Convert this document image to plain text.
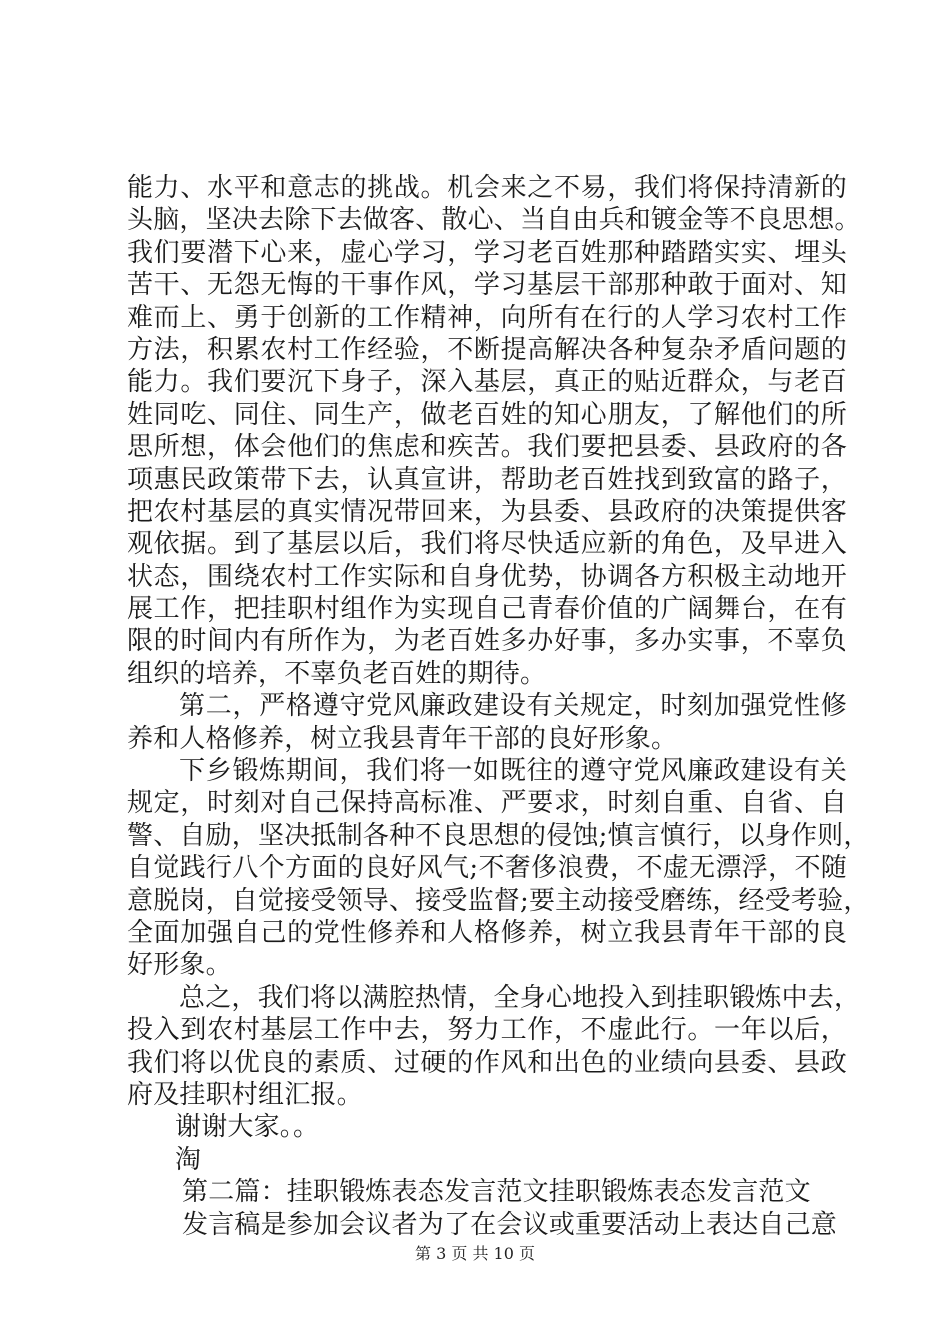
能力、水平和意志的挑战。机会来之不易，我们将保持清新的
头脑，坚决去除下去做客、散心、当自由兵和镀金等不良思想。
我们要潜下心来，虚心学习，学习老百姓那种踏踏实实、埋头
苦干、无怨无悔的干事作风，学习基层干部那种敢于面对、知
难而上、勇于创新的工作精神，向所有在行的人学习农村工作
方法，积累农村工作经验，不断提高解决各种复杂矛盾问题的
能力。我们要沉下身子，深入基层，真正的贴近群众，与老百
姓同吃、同住、同生产，做老百姓的知心朋友，了解他们的所
思所想，体会他们的焦虑和疾苦。我们要把县委、县政府的各
项惠民政策带下去，认真宣讲，帮助老百姓找到致富的路子，
把农村基层的真实情况带回来，为县委、县政府的决策提供客
观依据。到了基层以后，我们将尽快适应新的角色，及早进入
状态，围绕农村工作实际和自身优势，协调各方积极主动地开
展工作，把挂职村组作为实现自己青春价值的广阔舞台，在有
限的时间内有所作为，为老百姓多办好事，多办实事，不辜负
组织的培养，不辜负老百姓的期待。
第二，严格遵守党风廉政建设有关规定，时刻加强党性修
养和人格修养，树立我县青年干部的良好形象。
下乡锻炼期间，我们将一如既往的遵守党风廉政建设有关
规定，时刻对自己保持高标准、严要求，时刻自重、自省、自
警、自励，坚决抵制各种不良思想的侵蚀;慎言慎行，以身作则，
自觉践行八个方面的良好风气;不奢侈浪费，不虚无漂浮，不随
意脱岗，自觉接受领导、接受监督;要主动接受磨练，经受考验，
全面加强自己的党性修养和人格修养，树立我县青年干部的良
好形象。
总之，我们将以满腔热情，全身心地投入到挂职锻炼中去，
投入到农村基层工作中去，努力工作，不虚此行。一年以后，
我们将以优良的素质、过硬的作风和出色的业绩向县委、县政
府及挂职村组汇报。
谢谢大家。。
淘
第二篇：挂职锻炼表态发言范文挂职锻炼表态发言范文
发言稿是参加会议者为了在会议或重要活动上表达自己意
第 3 页 共 10 页
